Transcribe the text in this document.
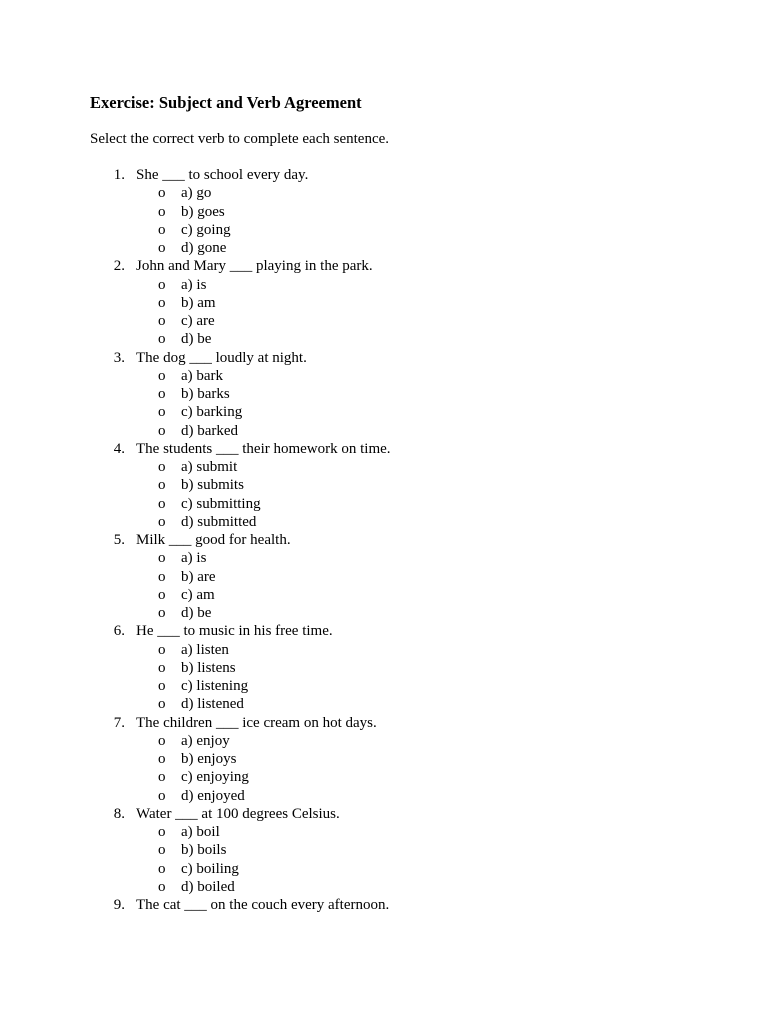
Exercise: Subject and Verb Agreement
Select the correct verb to complete each sentence.
1. She ___ to school every day.
o a) go
o b) goes
o c) going
o d) gone
2. John and Mary ___ playing in the park.
o a) is
o b) am
o c) are
o d) be
3. The dog ___ loudly at night.
o a) bark
o b) barks
o c) barking
o d) barked
4. The students ___ their homework on time.
o a) submit
o b) submits
o c) submitting
o d) submitted
5. Milk ___ good for health.
o a) is
o b) are
o c) am
o d) be
6. He ___ to music in his free time.
o a) listen
o b) listens
o c) listening
o d) listened
7. The children ___ ice cream on hot days.
o a) enjoy
o b) enjoys
o c) enjoying
o d) enjoyed
8. Water ___ at 100 degrees Celsius.
o a) boil
o b) boils
o c) boiling
o d) boiled
9. The cat ___ on the couch every afternoon.
